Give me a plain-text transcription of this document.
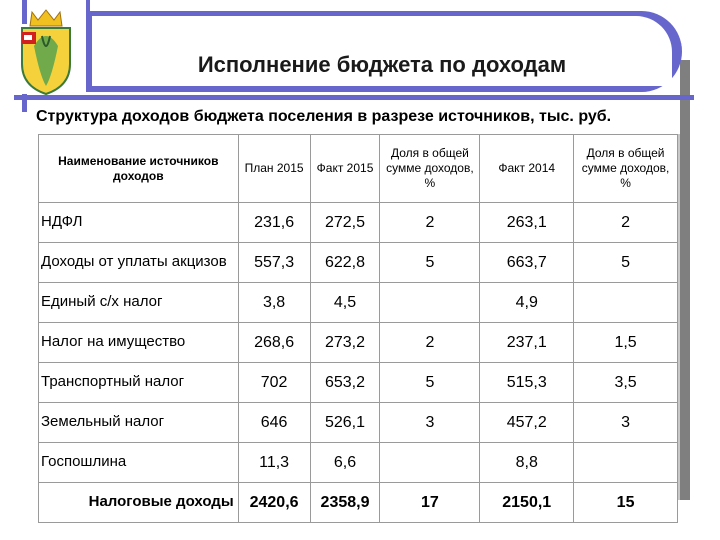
Исполнение бюджета по доходам
Структура доходов бюджета поселения в разрезе источников, тыс. руб.
Наименование источников доходов	План 2015	Факт 2015	Доля в общей сумме доходов, %	Факт 2014	Доля в общей сумме доходов, %
НДФЛ	231,6	272,5	2	263,1	2
Доходы от уплаты акцизов	557,3	622,8	5	663,7	5
Единый с/х налог	3,8	4,5		4,9	
Налог на имущество	268,6	273,2	2	237,1	1,5
Транспортный налог	702	653,2	5	515,3	3,5
Земельный налог	646	526,1	3	457,2	3
Госпошлина	11,3	6,6		8,8	
Налоговые доходы	2420,6	2358,9	17	2150,1	15
